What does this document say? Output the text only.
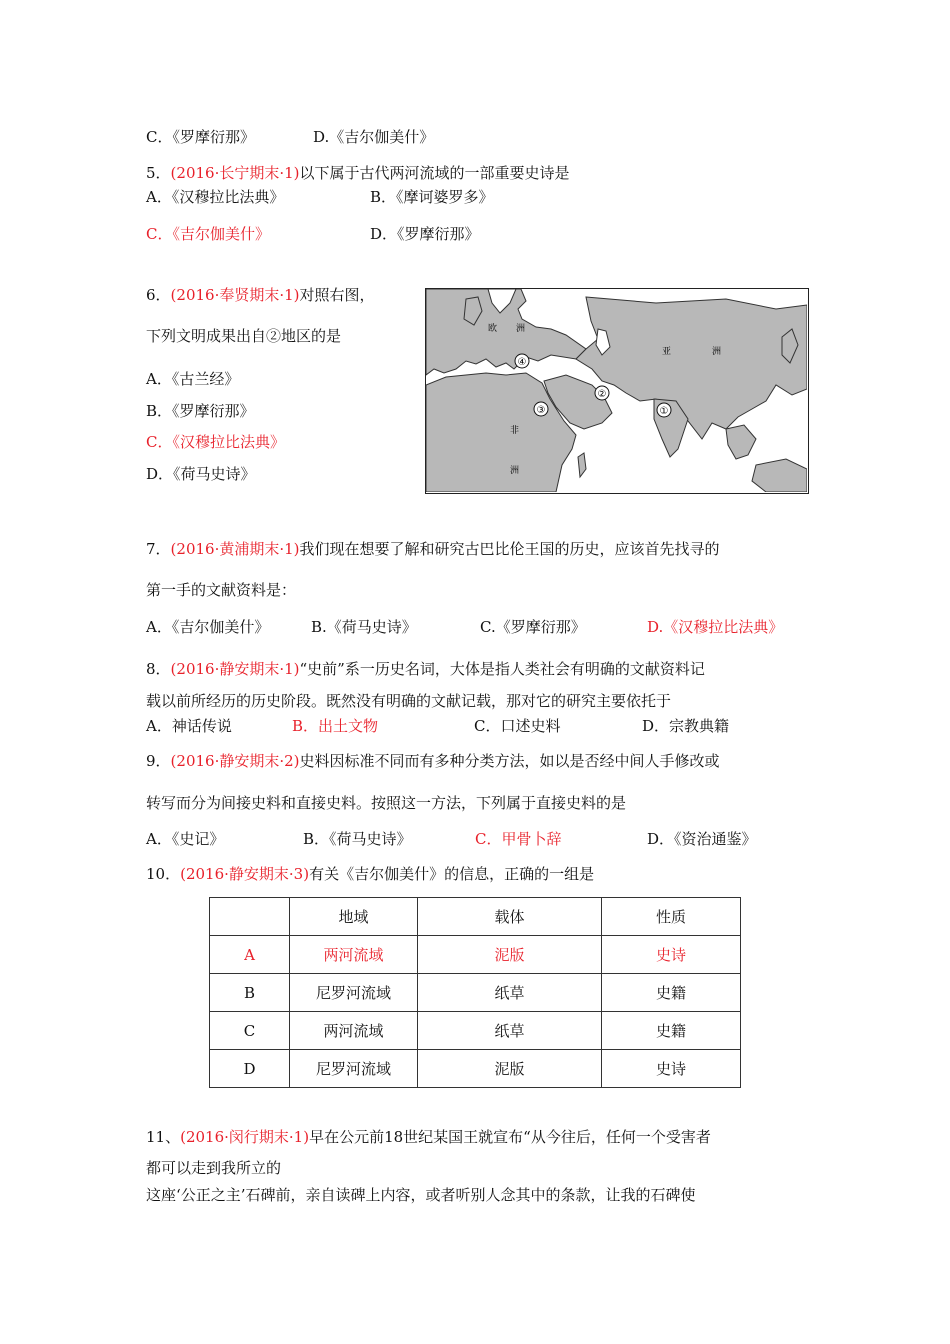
C．《罗摩衍那》	D.《吉尔伽美什》
5．(2016·长宁期末·1)以下属于古代两河流域的一部重要史诗是
A．《汉穆拉比法典》	B．《摩诃婆罗多》
C．《吉尔伽美什》	D．《罗摩衍那》
6．(2016·奉贤期末·1)对照右图，
下列文明成果出自②地区的是
A．《古兰经》
B．《罗摩衍那》
C．《汉穆拉比法典》
D．《荷马史诗》
欧 洲
亚	洲
非
洲
①
②
③
④
7．(2016·黄浦期末·1)我们现在想要了解和研究古巴比伦王国的历史，应该首先找寻的
第一手的文献资料是：
A．《吉尔伽美什》	B.《荷马史诗》	C.《罗摩衍那》	D.《汉穆拉比法典》
8．(2016·静安期末·1)“史前”系一历史名词，大体是指人类社会有明确的文献资料记
载以前所经历的历史阶段。既然没有明确的文献记载，那对它的研究主要依托于
A．神话传说	B．出土文物	C．口述史料	D．宗教典籍
9．(2016·静安期末·2)史料因标准不同而有多种分类方法，如以是否经中间人手修改或
转写而分为间接史料和直接史料。按照这一方法，下列属于直接史料的是
A．《史记》	B．《荷马史诗》	C．甲骨卜辞	D．《资治通鉴》
10．(2016·静安期末·3)有关《吉尔伽美什》的信息，正确的一组是
	地域	载体	性质
A	两河流域	泥版	史诗
B	尼罗河流域	纸草	史籍
C	两河流域	纸草	史籍
D	尼罗河流域	泥版	史诗
11、(2016·闵行期末·1)早在公元前18世纪某国王就宣布“从今往后，任何一个受害者
都可以走到我所立的
这座‘公正之主’石碑前，亲自读碑上内容，或者听别人念其中的条款，让我的石碑使
